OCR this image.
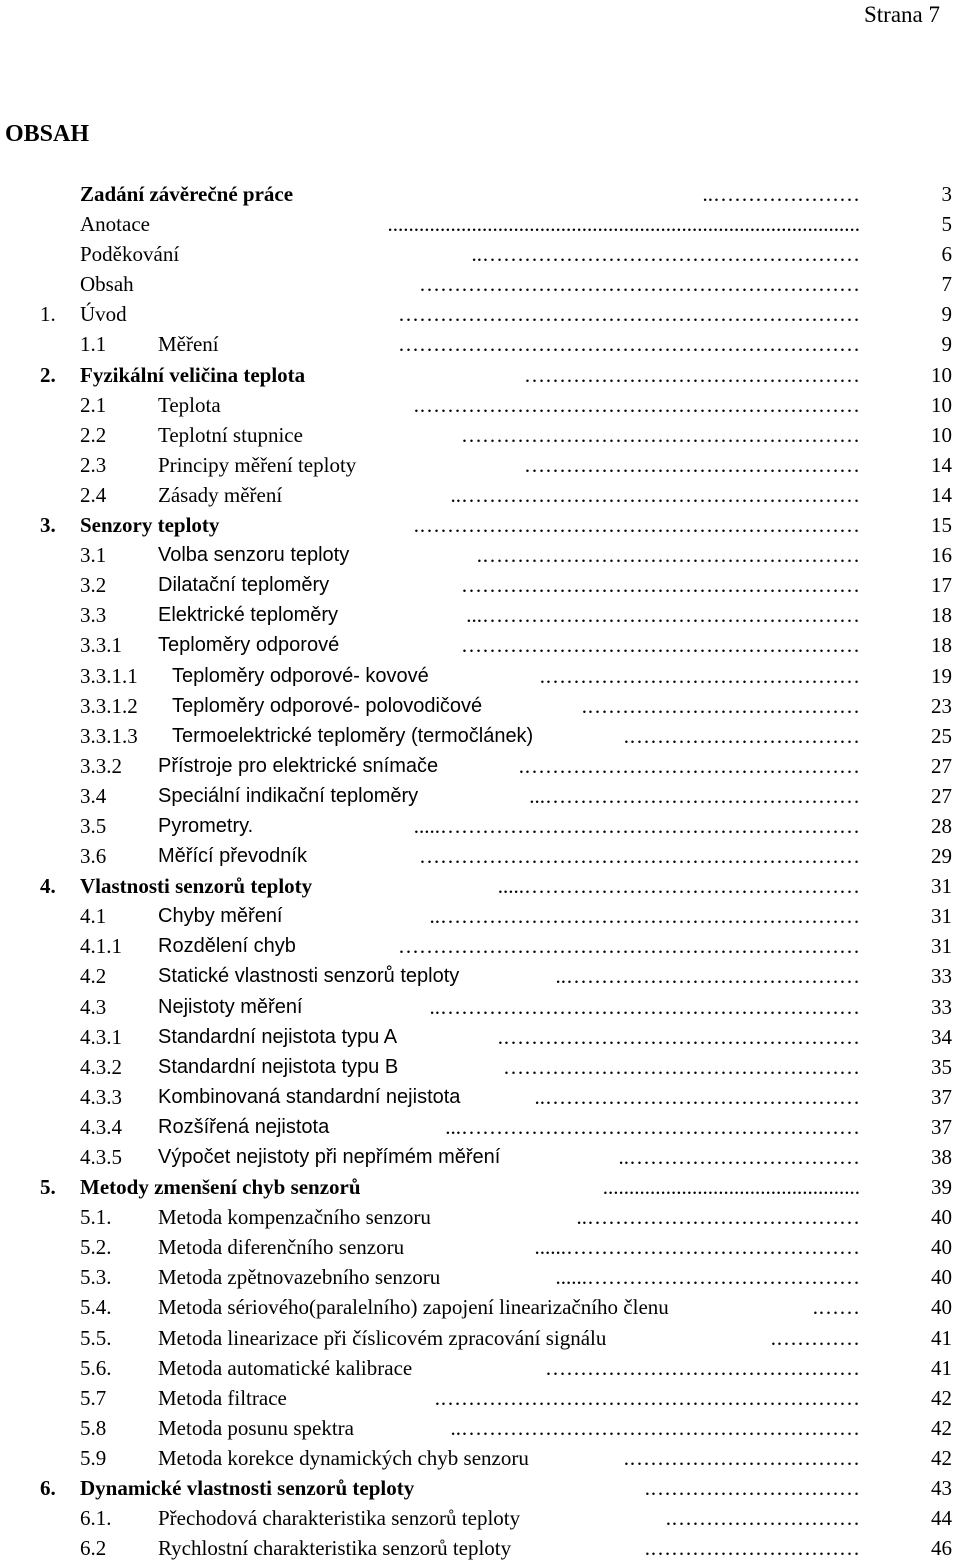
Strana 7
OBSAH
Zadání závěrečné práce	…………………..	3
Anotace	..........................................................................................	5
Poděkování	………………………………………………..	6
Obsah	………………………………………………………	7
1. Úvod	…………………………………………………………	9
1.1 Měření	…………………………………………………………	9
2. Fyzikální veličina teplota	…………………………………………	10
2.1 Teplota	……………………………………………………….	10
2.2 Teplotní stupnice	…………………………………………………	10
2.3 Principy měření teploty	…………………………………………	14
2.4 Zásady měření	…………………………………………………..	14
3. Senzory teploty	……………………………………………………….	15
3.1	Volba senzoru teploty	……………………………………………….	16
3.2	Dilatační teploměry	…………………………………………………	17
3.3	Elektrické teploměry	………………………………………………...	18
3.3.1 Teploměry odporové	…………………………………………………	18
3.3.1.1 Teploměry odporové- kovové	……………………………………….	19
3.3.1.2 Teploměry odporové- polovodičové	………………………………….	23
3.3.1.3 Termoelektrické teploměry (termočlánek)	…………………………….	25
3.3.2 Přístroje pro elektrické snímače	………………………………………….	27
3.4	Speciální indikační teploměry	………………………………………...	27
3.5	Pyrometry.	…………………………………………………….....	28
3.6	Měřící převodník	………………………………………………………	29
4. Vlastnosti senzorů teploty	………………………………………….....	31
4.1	Chyby měření	……………………………………………………..	31
4.1.1 Rozdělení chyb	…………………………………………………………	31
4.2	Statické vlastnosti senzorů teploty	……………………………………..	33
4.3	Nejistoty měření	……………………………………………………..	33
4.3.1 Standardní nejistota typu A	…………………………………………….	34
4.3.2 Standardní nejistota typu B	……………………………………………	35
4.3.3 Kombinovaná standardní nejistota	………………………………………..	37
4.3.4 Rozšířená nejistota	…………………………………………………...	37
4.3.5 Výpočet nejistoty při nepřímém měření	……………………………..	38
5. Metody zmenšení chyb senzorů	.................................................	39
5.1. Metoda kompenzačního senzoru	…………………………………..	40
5.2. Metoda diferenčního senzoru	……………………………………......	40
5.3. Metoda zpětnovazebního senzoru	…………………………………......	40
5.4. Metoda sériového(paralelního) zapojení linearizačního členu	…….	40
5.5. Metoda linearizace při číslicovém zpracování signálu	………….	41
5.6. Metoda automatické kalibrace	………………………………………	41
5.7 Metoda filtrace	…………………………………………………….	42
5.8 Metoda posunu spektra	…………………………………………………..	42
5.9 Metoda korekce dynamických chyb senzoru	…………………………….	42
6. Dynamické vlastnosti senzorů teploty	………………………….	43
6.1. Přechodová charakteristika senzorů teploty	……………………….	44
6.2 Rychlostní charakteristika senzorů teploty	………………………….	46
